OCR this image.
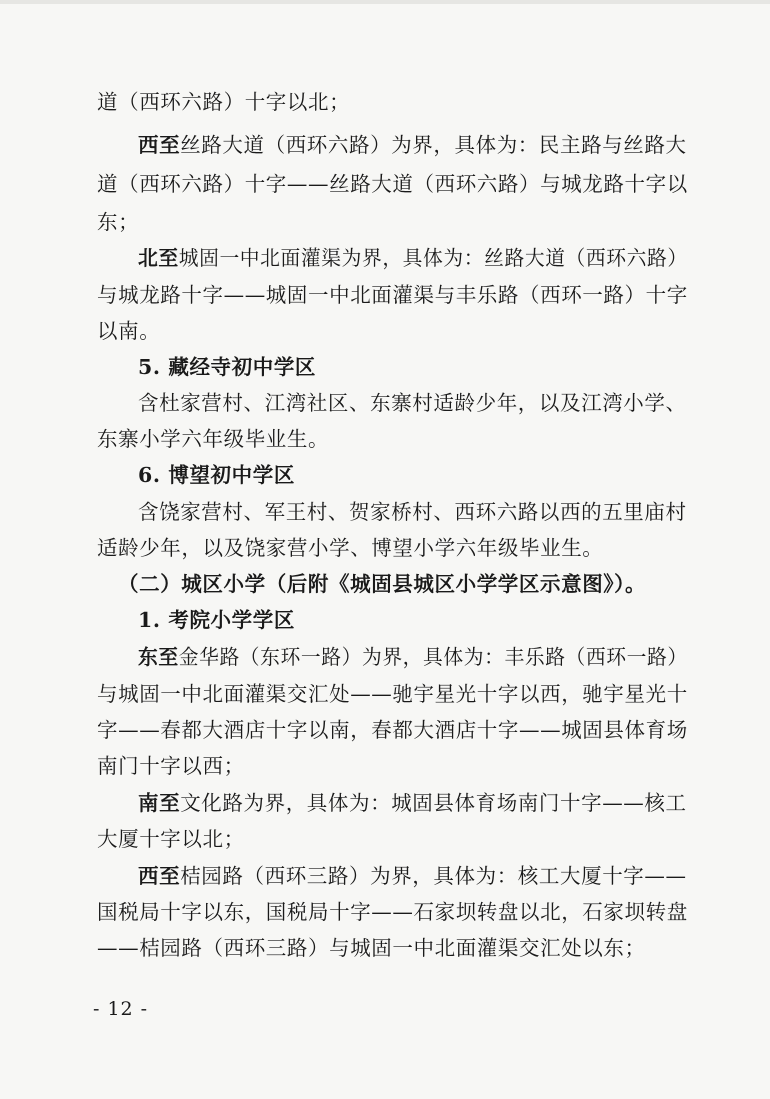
道（西环六路）十字以北；
西至丝路大道（西环六路）为界，具体为：民主路与丝路大
道（西环六路）十字——丝路大道（西环六路）与城龙路十字以
东；
北至城固一中北面灌渠为界，具体为：丝路大道（西环六路）
与城龙路十字——城固一中北面灌渠与丰乐路（西环一路）十字
以南。
5. 藏经寺初中学区
含杜家营村、江湾社区、东寨村适龄少年，以及江湾小学、
东寨小学六年级毕业生。
6. 博望初中学区
含饶家营村、军王村、贺家桥村、西环六路以西的五里庙村
适龄少年，以及饶家营小学、博望小学六年级毕业生。
（二）城区小学（后附《城固县城区小学学区示意图》）。
1. 考院小学学区
东至金华路（东环一路）为界，具体为：丰乐路（西环一路）
与城固一中北面灌渠交汇处——驰宇星光十字以西，驰宇星光十
字——春都大酒店十字以南，春都大酒店十字——城固县体育场
南门十字以西；
南至文化路为界，具体为：城固县体育场南门十字——核工
大厦十字以北；
西至桔园路（西环三路）为界，具体为：核工大厦十字——
国税局十字以东，国税局十字——石家坝转盘以北，石家坝转盘
——桔园路（西环三路）与城固一中北面灌渠交汇处以东；
- 12 -
